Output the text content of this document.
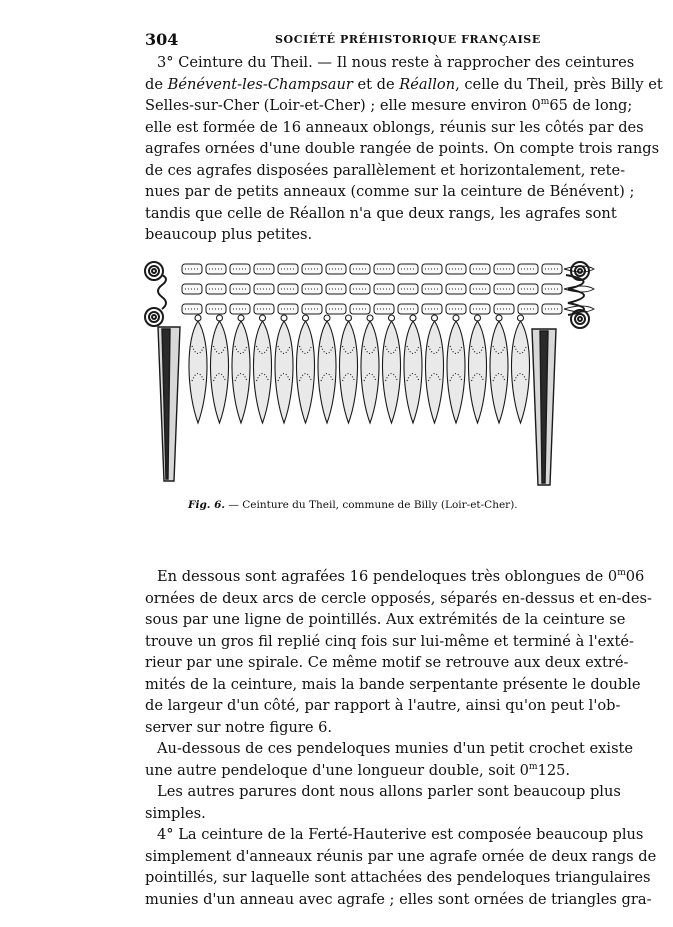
304	SOCIÉTÉ PRÉHISTORIQUE FRANÇAISE
3° Ceinture du Theil. — Il nous reste à rapprocher des ceintures
de Bénévent-les-Champsaur et de Réallon, celle du Theil, près Billy et
Selles-sur-Cher (Loir-et-Cher) ; elle mesure environ 0$^m$65 de long;
elle est formée de 16 anneaux oblongs, réunis sur les côtés par des
agrafes ornées d'une double rangée de points. On compte trois rangs
de ces agrafes disposées parallèlement et horizontalement, rete-
nues par de petits anneaux (comme sur la ceinture de Bénévent) ;
tandis que celle de Réallon n'a que deux rangs, les agrafes sont
beaucoup plus petites.
Fig. 6. — Ceinture du Theil, commune de Billy (Loir-et-Cher).
En dessous sont agrafées 16 pendeloques très oblongues de 0$^m$06
ornées de deux arcs de cercle opposés, séparés en-dessus et en-des-
sous par une ligne de pointillés. Aux extrémités de la ceinture se
trouve un gros fil replié cinq fois sur lui-même et terminé à l'exté-
rieur par une spirale. Ce même motif se retrouve aux deux extré-
mités de la ceinture, mais la bande serpentante présente le double
de largeur d'un côté, par rapport à l'autre, ainsi qu'on peut l'ob-
server sur notre figure 6.
Au-dessous de ces pendeloques munies d'un petit crochet existe
une autre pendeloque d'une longueur double, soit 0$^m$125.
Les autres parures dont nous allons parler sont beaucoup plus
simples.
4° La ceinture de la Ferté-Hauterive est composée beaucoup plus
simplement d'anneaux réunis par une agrafe ornée de deux rangs de
pointillés, sur laquelle sont attachées des pendeloques triangulaires
munies d'un anneau avec agrafe ; elles sont ornées de triangles gra-
